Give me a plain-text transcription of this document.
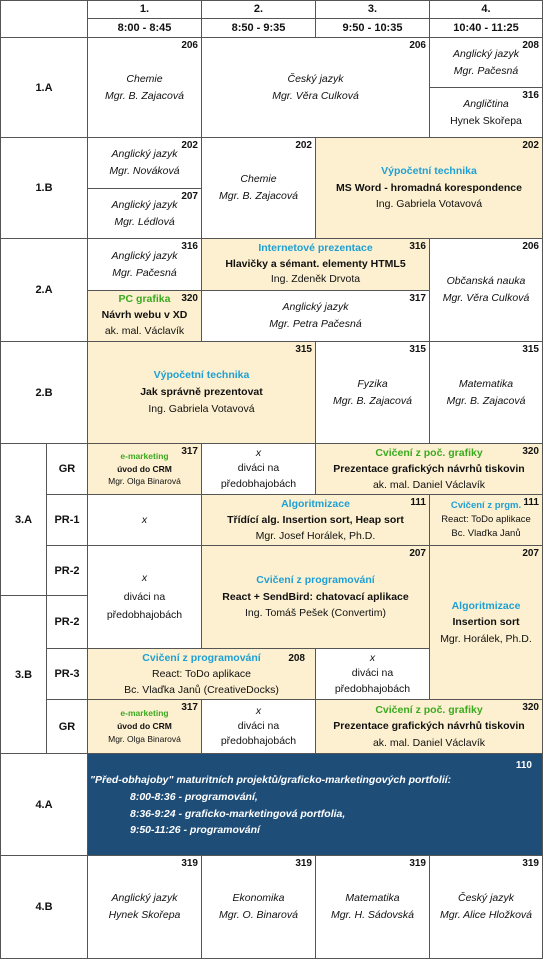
1.
8:00 - 8:45
2.
8:50 - 9:35
3.
9:50 - 10:35
4.
10:40 - 11:25
1.A
206
Chemie
Mgr. B. Zajacová
206
Český jazyk
Mgr. Věra Culková
208
Anglický jazyk
Mgr. Pačesná
316
Angličtina
Hynek Skořepa
1.B
202
Anglický jazyk
Mgr. Nováková
207
Anglický jazyk
Mgr. Lédlová
202
Chemie
Mgr. B. Zajacová
202
Výpočetní technika
MS Word - hromadná korespondence
Ing. Gabriela Votavová
2.A
316
Anglický jazyk
Mgr. Pačesná
316
Internetové prezentace
Hlavičky a sémant. elementy HTML5
Ing. Zdeněk Drvota
206
Občanská nauka
Mgr. Věra Culková
320
PC grafika
Návrh webu v XD
ak. mal. Václavík
317
Anglický jazyk
Mgr. Petra Pačesná
2.B
315
Výpočetní technika
Jak správně prezentovat
Ing. Gabriela Votavová
315
Fyzika
Mgr. B. Zajacová
315
Matematika
Mgr. B. Zajacová
3.A
3.B
GR
PR-1
PR-2
PR-2
PR-3
GR
317
e-marketing
úvod do CRM
Mgr. Olga Binarová
x
diváci na
předobhajobách
320
Cvičení z poč. grafiky
Prezentace grafických návrhů tiskovin
ak. mal. Daniel Václavík
x
111
Algoritmizace
Třídící alg. Insertion sort, Heap sort
Mgr. Josef Horálek, Ph.D.
111
Cvičení z prgm.
React: ToDo aplikace
Bc. Vlaďka Janů
x
diváci na
předobhajobách
207
Cvičení z programování
React + SendBird: chatovací aplikace
Ing. Tomáš Pešek (Convertim)
207
Algoritmizace
Insertion sort
Mgr. Horálek, Ph.D.
208
Cvičení z programování
React: ToDo aplikace
Bc. Vlaďka Janů (CreativeDocks)
x
diváci na
předobhajobách
317
e-marketing
úvod do CRM
Mgr. Olga Binarová
x
diváci na
předobhajobách
320
Cvičení z poč. grafiky
Prezentace grafických návrhů tiskovin
ak. mal. Daniel Václavík
4.A
110
"Před-obhajoby" maturitních projektů/graficko-marketingových portfolií:
8:00-8:36 - programování,
8:36-9:24 - graficko-marketingová portfolia,
9:50-11:26 - programování
4.B
319
Anglický jazyk
Hynek Skořepa
319
Ekonomika
Mgr. O. Binarová
319
Matematika
Mgr. H. Sádovská
319
Český jazyk
Mgr. Alice Hložková
